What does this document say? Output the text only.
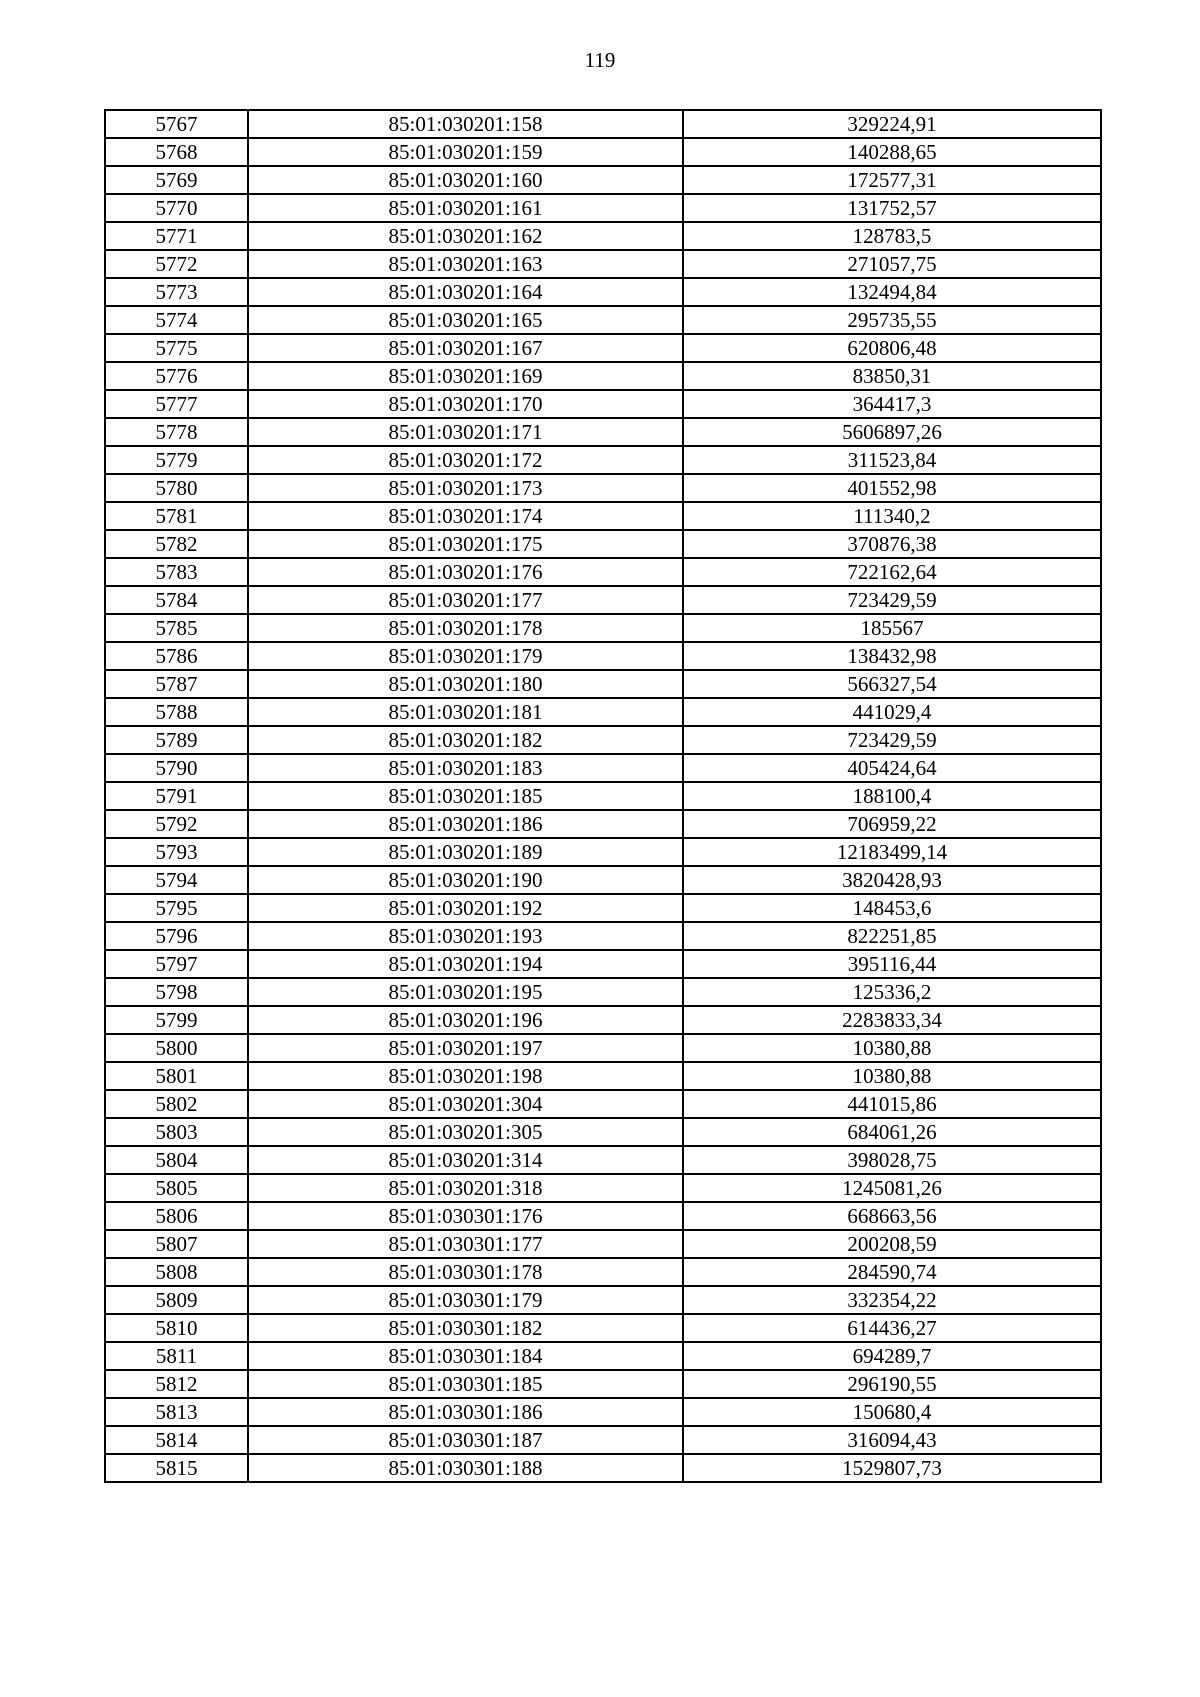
119
5767	85:01:030201:158	329224,91
5768	85:01:030201:159	140288,65
5769	85:01:030201:160	172577,31
5770	85:01:030201:161	131752,57
5771	85:01:030201:162	128783,5
5772	85:01:030201:163	271057,75
5773	85:01:030201:164	132494,84
5774	85:01:030201:165	295735,55
5775	85:01:030201:167	620806,48
5776	85:01:030201:169	83850,31
5777	85:01:030201:170	364417,3
5778	85:01:030201:171	5606897,26
5779	85:01:030201:172	311523,84
5780	85:01:030201:173	401552,98
5781	85:01:030201:174	111340,2
5782	85:01:030201:175	370876,38
5783	85:01:030201:176	722162,64
5784	85:01:030201:177	723429,59
5785	85:01:030201:178	185567
5786	85:01:030201:179	138432,98
5787	85:01:030201:180	566327,54
5788	85:01:030201:181	441029,4
5789	85:01:030201:182	723429,59
5790	85:01:030201:183	405424,64
5791	85:01:030201:185	188100,4
5792	85:01:030201:186	706959,22
5793	85:01:030201:189	12183499,14
5794	85:01:030201:190	3820428,93
5795	85:01:030201:192	148453,6
5796	85:01:030201:193	822251,85
5797	85:01:030201:194	395116,44
5798	85:01:030201:195	125336,2
5799	85:01:030201:196	2283833,34
5800	85:01:030201:197	10380,88
5801	85:01:030201:198	10380,88
5802	85:01:030201:304	441015,86
5803	85:01:030201:305	684061,26
5804	85:01:030201:314	398028,75
5805	85:01:030201:318	1245081,26
5806	85:01:030301:176	668663,56
5807	85:01:030301:177	200208,59
5808	85:01:030301:178	284590,74
5809	85:01:030301:179	332354,22
5810	85:01:030301:182	614436,27
5811	85:01:030301:184	694289,7
5812	85:01:030301:185	296190,55
5813	85:01:030301:186	150680,4
5814	85:01:030301:187	316094,43
5815	85:01:030301:188	1529807,73
